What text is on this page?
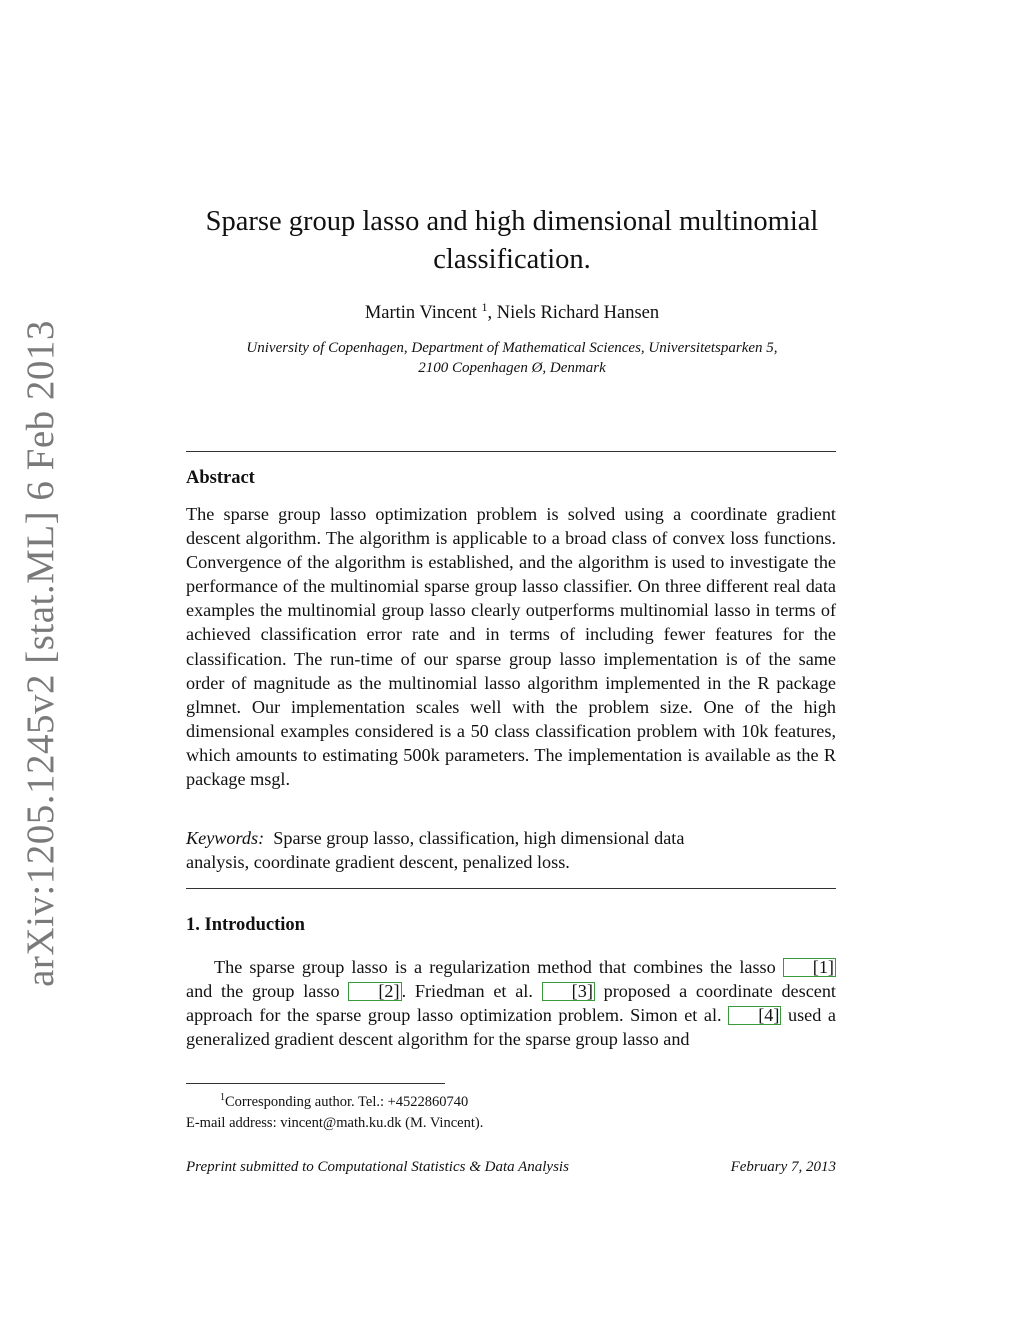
arXiv:1205.1245v2 [stat.ML] 6 Feb 2013
Sparse group lasso and high dimensional multinomial
classification.
Martin Vincent $^1$, Niels Richard Hansen
University of Copenhagen, Department of Mathematical Sciences, Universitetsparken 5,
2100 Copenhagen Ø, Denmark
Abstract

The sparse group lasso optimization problem is solved using a coordinate gradient descent algorithm. The algorithm is applicable to a broad class of convex loss functions. Convergence of the algorithm is established, and the algorithm is used to investigate the performance of the multinomial sparse group lasso classifier. On three different real data examples the multinomial group lasso clearly outperforms multinomial lasso in terms of achieved classification error rate and in terms of including fewer features for the classification. The run-time of our sparse group lasso implementation is of the same order of magnitude as the multinomial lasso algorithm implemented in the R package glmnet. Our implementation scales well with the problem size. One of the high dimensional examples considered is a 50 class classification problem with 10k features, which amounts to estimating 500k parameters. The implementation is available as the R package msgl.

Keywords: Sparse group lasso, classification, high dimensional data
analysis, coordinate gradient descent, penalized loss.
1. Introduction

The sparse group lasso is a regularization method that combines the lasso [1] and the group lasso [2] . Friedman et al. [3] proposed a coordinate descent approach for the sparse group lasso optimization problem. Simon et al. [4] used a generalized gradient descent algorithm for the sparse group lasso and

$^1$Corresponding author. Tel.: +4522860740
E-mail address: vincent@math.ku.dk (M. Vincent).
Preprint submitted to Computational Statistics & Data Analysis	February 7, 2013
